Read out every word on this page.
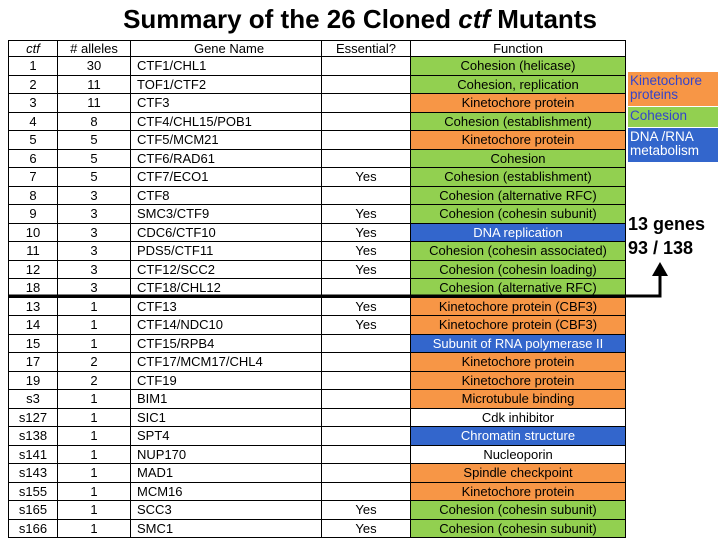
Summary of the 26 Cloned ctf Mutants
ctf	# alleles	Gene Name	Essential?	Function
1	30	CTF1/CHL1		Cohesion (helicase)
2	11	TOF1/CTF2		Cohesion, replication
3	11	CTF3		Kinetochore protein
4	8	CTF4/CHL15/POB1		Cohesion (establishment)
5	5	CTF5/MCM21		Kinetochore protein
6	5	CTF6/RAD61		Cohesion
7	5	CTF7/ECO1	Yes	Cohesion (establishment)
8	3	CTF8		Cohesion (alternative RFC)
9	3	SMC3/CTF9	Yes	Cohesion (cohesin subunit)
10	3	CDC6/CTF10	Yes	DNA replication
11	3	PDS5/CTF11	Yes	Cohesion (cohesin associated)
12	3	CTF12/SCC2	Yes	Cohesion (cohesin loading)
18	3	CTF18/CHL12		Cohesion (alternative RFC)
13	1	CTF13	Yes	Kinetochore protein (CBF3)
14	1	CTF14/NDC10	Yes	Kinetochore protein (CBF3)
15	1	CTF15/RPB4		Subunit of RNA polymerase II
17	2	CTF17/MCM17/CHL4		Kinetochore protein
19	2	CTF19		Kinetochore protein
s3	1	BIM1		Microtubule binding
s127	1	SIC1		Cdk inhibitor
s138	1	SPT4		Chromatin structure
s141	1	NUP170		Nucleoporin
s143	1	MAD1		Spindle checkpoint
s155	1	MCM16		Kinetochore protein
s165	1	SCC3	Yes	Cohesion (cohesin subunit)
s166	1	SMC1	Yes	Cohesion (cohesin subunit)
Kinetochore proteins
Cohesion
DNA /RNA metabolism
13 genes
93 / 138
